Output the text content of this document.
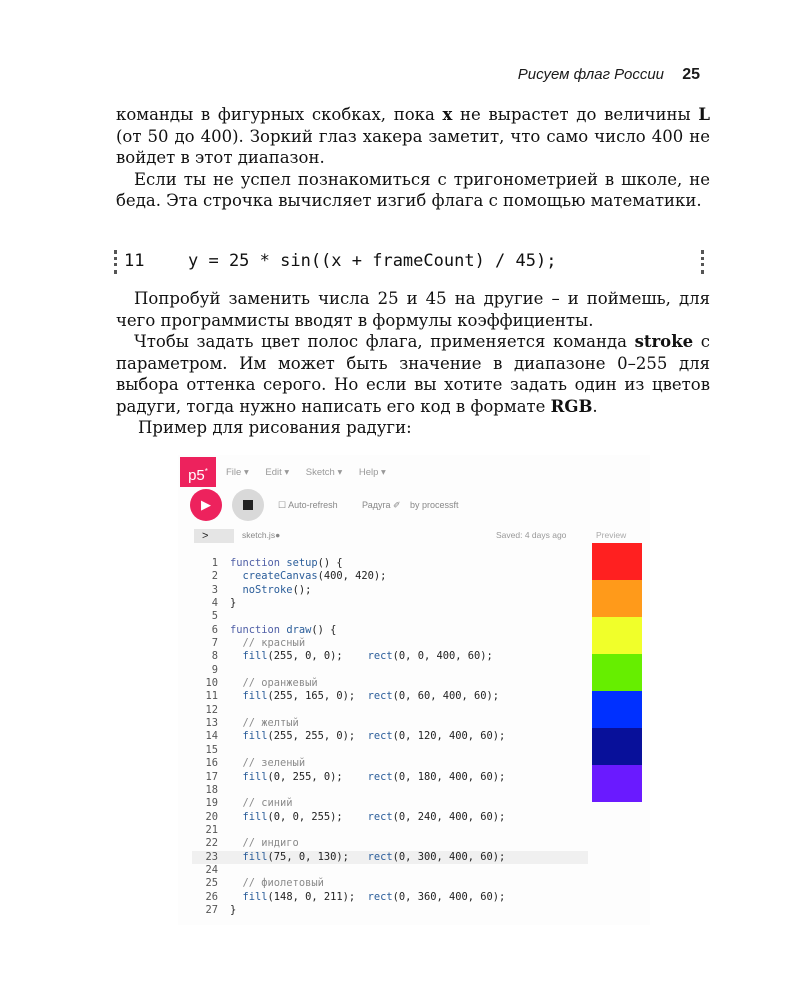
Рисуем флаг России 25

команды в фигурных скобках, пока x не вырастет до величины L (от 50 до 400). Зоркий глаз хакера заметит, что само число 400 не войдет в этот диапазон.

Если ты не успел познакомиться с тригонометрией в школе, не беда. Эта строчка вычисляет изгиб флага с помощью математики.

11	y = 25 * sin((x + frameCount) / 45);

Попробуй заменить числа 25 и 45 на другие – и поймешь, для чего программисты вводят в формулы коэффициенты.

Чтобы задать цвет полос флага, применяется команда stroke с параметром. Им может быть значение в диапазоне 0–255 для выбора оттенка серого. Но если вы хотите задать один из цветов радуги, тогда нужно написать его код в формате RGB.

Пример для рисования радуги:

p5*	File ▾ Edit ▾ Sketch ▾ Help ▾
▶	☐ Auto-refresh	Радуга ✐ by processft
>	sketch.js●	Saved: 4 days ago	Preview
1 function setup() {
2	createCanvas(400, 420);
3	noStroke();
4 }
5
6 function draw() {
7 // красный
8	fill(255, 0, 0);    rect(0, 0, 400, 60);
9
10 // оранжевый
11	fill(255, 165, 0);  rect(0, 60, 400, 60);
12
13 // желтый
14	fill(255, 255, 0);  rect(0, 120, 400, 60);
15
16 // зеленый
17	fill(0, 255, 0);    rect(0, 180, 400, 60);
18
19 // синий
20	fill(0, 0, 255);    rect(0, 240, 400, 60);
21
22 // индиго
23	fill(75, 0, 130);   rect(0, 300, 400, 60);
24
25 // фиолетовый
26	fill(148, 0, 211);  rect(0, 360, 400, 60);
27 }
